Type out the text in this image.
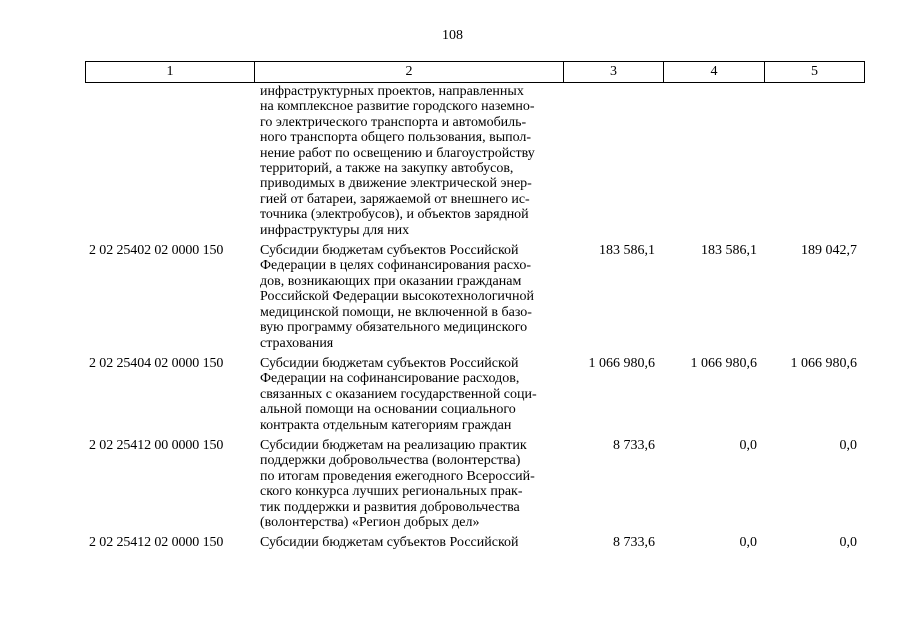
108
1	2	3	4	5
инфраструктурных проектов, направленных
на комплексное развитие городского наземно-
го электрического транспорта и автомобиль-
ного транспорта общего пользования, выпол-
нение работ по освещению и благоустройству
территорий, а также на закупку автобусов,
приводимых в движение электрической энер-
гией от батареи, заряжаемой от внешнего ис-
точника (электробусов), и объектов зарядной
инфраструктуры для них
2 02 25402 02 0000 150	Субсидии бюджетам субъектов Российской
Федерации в целях софинансирования расхо-
дов, возникающих при оказании гражданам
Российской Федерации высокотехнологичной
медицинской помощи, не включенной в базо-
вую программу обязательного медицинского
страхования
183 586,1	183 586,1	189 042,7
2 02 25404 02 0000 150	Субсидии бюджетам субъектов Российской
Федерации на софинансирование расходов,
связанных с оказанием государственной соци-
альной помощи на основании социального
контракта отдельным категориям граждан
1 066 980,6	1 066 980,6	1 066 980,6
2 02 25412 00 0000 150	Субсидии бюджетам на реализацию практик
поддержки добровольчества (волонтерства)
по итогам проведения ежегодного Всероссий-
ского конкурса лучших региональных прак-
тик поддержки и развития добровольчества
(волонтерства) «Регион добрых дел»
8 733,6	0,0	0,0
2 02 25412 02 0000 150	Субсидии бюджетам субъектов Российской	8 733,6	0,0	0,0
